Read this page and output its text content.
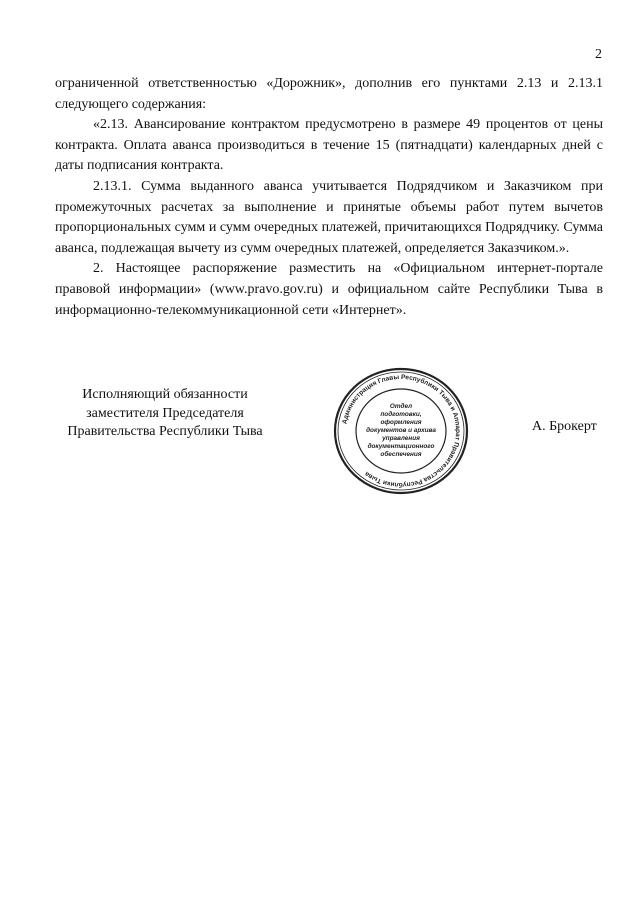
2

ограниченной ответственностью «Дорожник», дополнив его пунктами 2.13 и 2.13.1 следующего содержания:

«2.13. Авансирование контрактом предусмотрено в размере 49 процентов от цены контракта. Оплата аванса производиться в течение 15 (пятнадцати) календарных дней с даты подписания контракта.

2.13.1. Сумма выданного аванса учитывается Подрядчиком и Заказчиком при промежуточных расчетах за выполнение и принятые объемы работ путем вычетов пропорциональных сумм и сумм очередных платежей, причитающихся Подрядчику. Сумма аванса, подлежащая вычету из сумм очередных платежей, определяется Заказчиком.».

2. Настоящее распоряжение разместить на «Официальном интернет-портале правовой информации» (www.pravo.gov.ru) и официальном сайте Республики Тыва в информационно-телекоммуникационной сети «Интернет».

Исполняющий обязанности
заместителя Председателя
Правительства Республики Тыва
Администрация Главы Республики Тыва и Аппарат Правительства Республики Тыва
Отдел
подготовки,
оформления
документов и архива
управления
документационного
обеспечения
А. Брокерт
